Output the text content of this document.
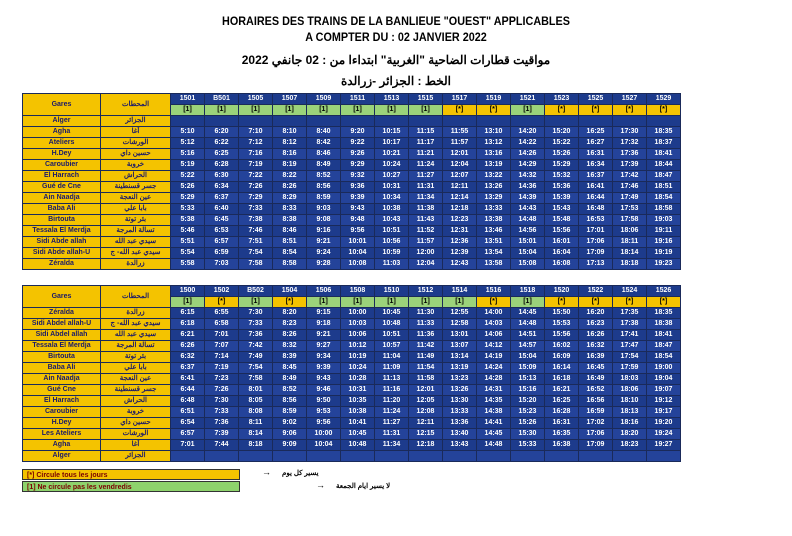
HORAIRES DES TRAINS DE LA BANLIEUE "OUEST" APPLICABLES
A COMPTER DU : 02 JANVIER 2022
مواقيت قطارات الضاحية "الغربية" ابتداءا من : 02 جانفي 2022
الخط : الجزائر -زرالدة
Gares	المحطات	1501	B501	1505	1507	1509	1511	1513	1515	1517	1519	1521	1523	1525	1527	1529
		[1]	[1]	[1]	[1]	[1]	[1]	[1]	[1]	[*]	[*]	[1]	[*]	[*]	[*]	[*]
Alger	الجزائر															
Agha	آغا	5:10	6:20	7:10	8:10	8:40	9:20	10:15	11:15	11:55	13:10	14:20	15:20	16:25	17:30	18:35
Ateliers	الورشات	5:12	6:22	7:12	8:12	8:42	9:22	10:17	11:17	11:57	13:12	14:22	15:22	16:27	17:32	18:37
H.Dey	حسين داي	5:16	6:25	7:16	8:16	8:46	9:26	10:21	11:21	12:01	13:16	14:26	15:26	16:31	17:36	18:41
Caroubier	خروبة	5:19	6:28	7:19	8:19	8:49	9:29	10:24	11:24	12:04	13:19	14:29	15:29	16:34	17:39	18:44
El Harrach	الحراش	5:22	6:30	7:22	8:22	8:52	9:32	10:27	11:27	12:07	13:22	14:32	15:32	16:37	17:42	18:47
Gué de Cne	جسر قسنطينة	5:26	6:34	7:26	8:26	8:56	9:36	10:31	11:31	12:11	13:26	14:36	15:36	16:41	17:46	18:51
Ain Naadja	عين النعجة	5:29	6:37	7:29	8:29	8:59	9:39	10:34	11:34	12:14	13:29	14:39	15:39	16:44	17:49	18:54
Baba Ali	بابا علي	5:33	6:40	7:33	8:33	9:03	9:43	10:38	11:38	12:18	13:33	14:43	15:43	16:48	17:53	18:58
Birtouta	بئر توتة	5:38	6:45	7:38	8:38	9:08	9:48	10:43	11:43	12:23	13:38	14:48	15:48	16:53	17:58	19:03
Tessala El Merdja	تسالة المرجة	5:46	6:53	7:46	8:46	9:16	9:56	10:51	11:52	12:31	13:46	14:56	15:56	17:01	18:06	19:11
Sidi Abde allah	سيدي عبد الله	5:51	6:57	7:51	8:51	9:21	10:01	10:56	11:57	12:36	13:51	15:01	16:01	17:06	18:11	19:16
Sidi Abde allah-U	سيدي عبد الله- ج	5:54	6:59	7:54	8:54	9:24	10:04	10:59	12:00	12:39	13:54	15:04	16:04	17:09	18:14	19:19
Zéralda	زرالدة	5:58	7:03	7:58	8:58	9:28	10:08	11:03	12:04	12:43	13:58	15:08	16:08	17:13	18:18	19:23
Gares	المحطات	1500	1502	B502	1504	1506	1508	1510	1512	1514	1516	1518	1520	1522	1524	1526
		[1]	[*]	[1]	[*]	[1]	[1]	[1]	[1]	[1]	[*]	[1]	[*]	[*]	[*]	[*]
Zéralda	زرالدة	6:15	6:55	7:30	8:20	9:15	10:00	10:45	11:30	12:55	14:00	14:45	15:50	16:20	17:35	18:35
Sidi Abdel allah-U	سيدي عبد الله- ج	6:18	6:58	7:33	8:23	9:18	10:03	10:48	11:33	12:58	14:03	14:48	15:53	16:23	17:38	18:38
Sidi Abdel allah	سيدي عبد الله	6:21	7:01	7:36	8:26	9:21	10:06	10:51	11:36	13:01	14:06	14:51	15:56	16:26	17:41	18:41
Tessala El Merdja	تسالة المرجة	6:26	7:07	7:42	8:32	9:27	10:12	10:57	11:42	13:07	14:12	14:57	16:02	16:32	17:47	18:47
Birtouta	بئر توتة	6:32	7:14	7:49	8:39	9:34	10:19	11:04	11:49	13:14	14:19	15:04	16:09	16:39	17:54	18:54
Baba Ali	بابا علي	6:37	7:19	7:54	8:45	9:39	10:24	11:09	11:54	13:19	14:24	15:09	16:14	16:45	17:59	19:00
Ain Naadja	عين النعجة	6:41	7:23	7:58	8:49	9:43	10:28	11:13	11:58	13:23	14:28	15:13	16:18	16:49	18:03	19:04
Gué Cne	جسر قسنطينة	6:44	7:26	8:01	8:52	9:46	10:31	11:16	12:01	13:26	14:31	15:16	16:21	16:52	18:06	19:07
El Harrach	الحراش	6:48	7:30	8:05	8:56	9:50	10:35	11:20	12:05	13:30	14:35	15:20	16:25	16:56	18:10	19:12
Caroubier	خروبة	6:51	7:33	8:08	8:59	9:53	10:38	11:24	12:08	13:33	14:38	15:23	16:28	16:59	18:13	19:17
H.Dey	حسين داي	6:54	7:36	8:11	9:02	9:56	10:41	11:27	12:11	13:36	14:41	15:26	16:31	17:02	18:16	19:20
Les Ateliers	الورشات	6:57	7:39	8:14	9:06	10:00	10:45	11:31	12:15	13:40	14:45	15:30	16:35	17:06	18:20	19:24
Agha	آغا	7:01	7:44	8:18	9:09	10:04	10:48	11:34	12:18	13:43	14:48	15:33	16:38	17:09	18:23	19:27
Alger	الجزائر															
[*] Circule tous les jours
[1] Ne circule pas les vendredis
→
→
يسير كل يوم
لا يسير ايام الجمعة
